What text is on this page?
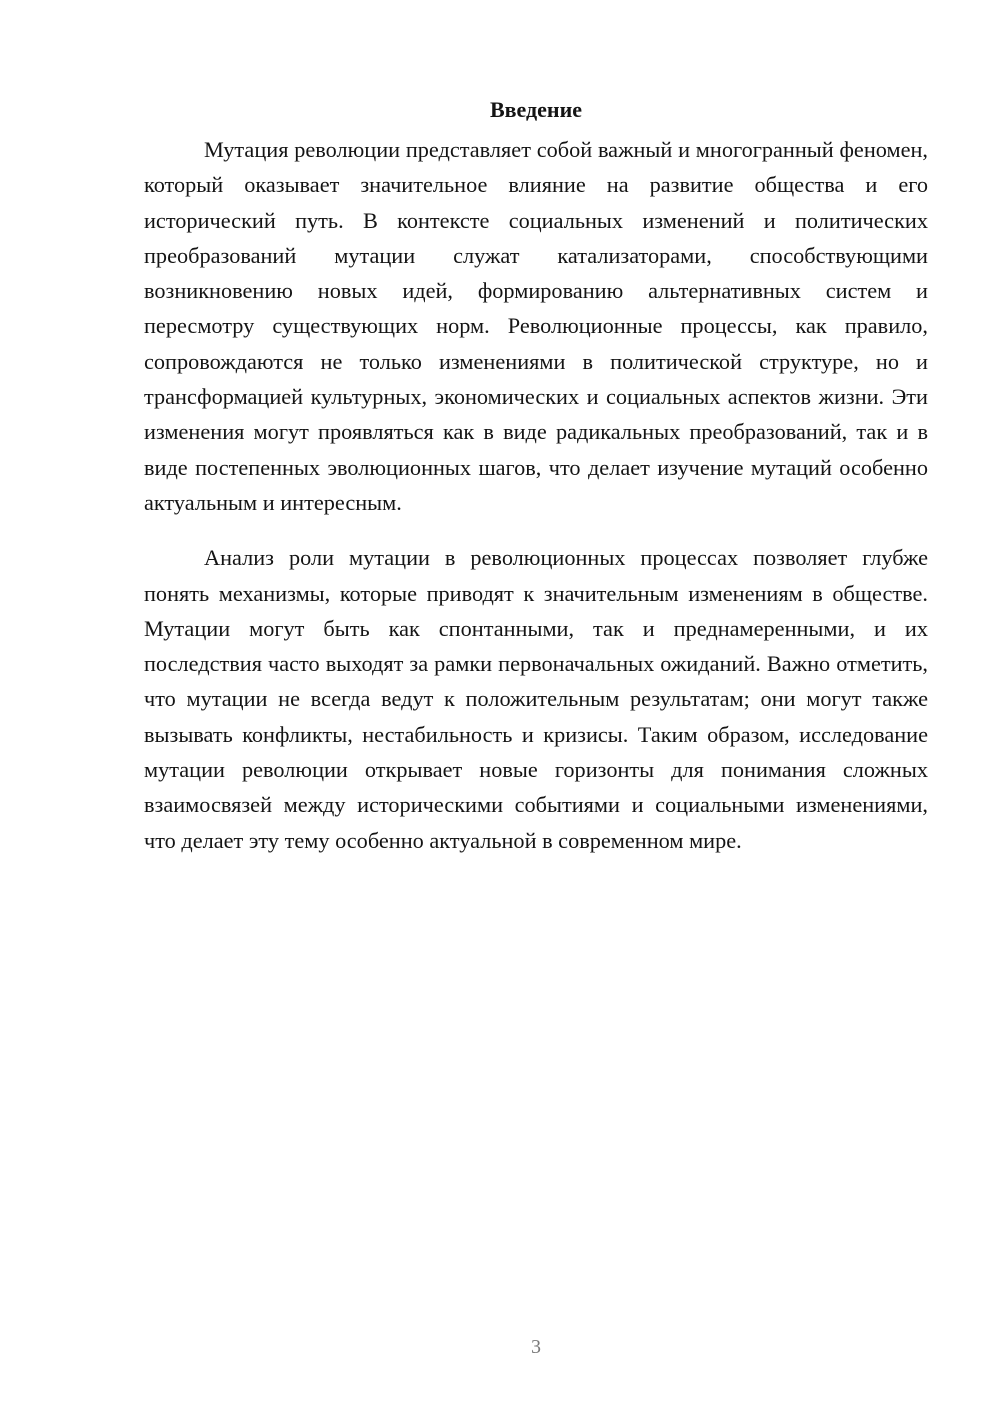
Введение

Мутация революции представляет собой важный и многогранный феномен, который оказывает значительное влияние на развитие общества и его исторический путь. В контексте социальных изменений и политических преобразований мутации служат катализаторами, способствующими возникновению новых идей, формированию альтернативных систем и пересмотру существующих норм. Революционные процессы, как правило, сопровождаются не только изменениями в политической структуре, но и трансформацией культурных, экономических и социальных аспектов жизни. Эти изменения могут проявляться как в виде радикальных преобразований, так и в виде постепенных эволюционных шагов, что делает изучение мутаций особенно актуальным и интересным.

Анализ роли мутации в революционных процессах позволяет глубже понять механизмы, которые приводят к значительным изменениям в обществе. Мутации могут быть как спонтанными, так и преднамеренными, и их последствия часто выходят за рамки первоначальных ожиданий. Важно отметить, что мутации не всегда ведут к положительным результатам; они могут также вызывать конфликты, нестабильность и кризисы. Таким образом, исследование мутации революции открывает новые горизонты для понимания сложных взаимосвязей между историческими событиями и социальными изменениями, что делает эту тему особенно актуальной в современном мире.

3
